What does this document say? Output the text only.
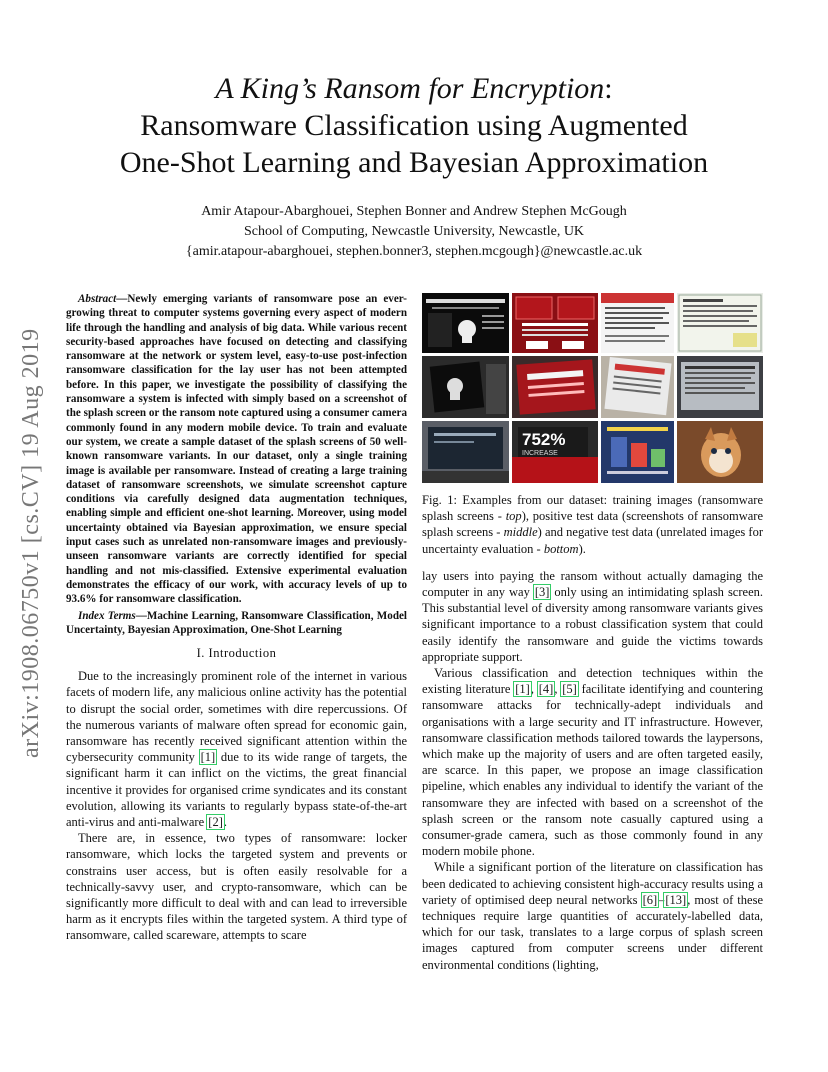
A King’s Ransom for Encryption:
Ransomware Classification using Augmented
One-Shot Learning and Bayesian Approximation
Amir Atapour-Abarghouei, Stephen Bonner and Andrew Stephen McGough
School of Computing, Newcastle University, Newcastle, UK
{amir.atapour-abarghouei, stephen.bonner3, stephen.mcgough}@newcastle.ac.uk
arXiv:1908.06750v1 [cs.CV] 19 Aug 2019

Abstract—Newly emerging variants of ransomware pose an ever-growing threat to computer systems governing every aspect of modern life through the handling and analysis of big data. While various recent security-based approaches have focused on detecting and classifying ransomware at the network or system level, easy-to-use post-infection ransomware classification for the lay user has not been attempted before. In this paper, we investigate the possibility of classifying the ransomware a system is infected with simply based on a screenshot of the splash screen or the ransom note captured using a consumer camera commonly found in any modern mobile device. To train and evaluate our system, we create a sample dataset of the splash screens of 50 well-known ransomware variants. In our dataset, only a single training image is available per ransomware. Instead of creating a large training dataset of ransomware screenshots, we simulate screenshot capture conditions via carefully designed data augmentation techniques, enabling simple and efficient one-shot learning. Moreover, using model uncertainty obtained via Bayesian approximation, we ensure special input cases such as unrelated non-ransomware images and previously-unseen ransomware variants are correctly identified for special handling and not mis-classified. Extensive experimental evaluation demonstrates the efficacy of our work, with accuracy levels of up to 93.6% for ransomware classification.

Index Terms—Machine Learning, Ransomware Classification, Model Uncertainty, Bayesian Approximation, One-Shot Learning

I. Introduction

Due to the increasingly prominent role of the internet in various facets of modern life, any malicious online activity has the potential to disrupt the social order, sometimes with dire repercussions. Of the numerous variants of malware often spread for economic gain, ransomware has recently received significant attention within the cybersecurity community [1] due to its wide range of targets, the significant harm it can inflict on the victims, the great financial incentive it provides for organised crime syndicates and its constant evolution, allowing its variants to regularly bypass state-of-the-art anti-virus and anti-malware [2].

There are, in essence, two types of ransomware: locker ransomware, which locks the targeted system and prevents or constrains user access, but is often easily resolvable for a technically-savvy user, and crypto-ransomware, which can be significantly more difficult to deal with and can lead to irreversible harm as it encrypts files within the targeted system. A third type of ransomware, called scareware, attempts to scare

752%
INCREASE

Fig. 1: Examples from our dataset: training images (ransomware splash screens - top), positive test data (screenshots of ransomware splash screens - middle) and negative test data (unrelated images for uncertainty evaluation - bottom).

lay users into paying the ransom without actually damaging the computer in any way [3] only using an intimidating splash screen. This substantial level of diversity among ransomware variants gives significant importance to a robust classification system that could easily identify the ransomware and guide the victims towards appropriate support.

Various classification and detection techniques within the existing literature [1], [4], [5] facilitate identifying and countering ransomware attacks for technically-adept individuals and organisations with a large security and IT infrastructure. However, ransomware classification methods tailored towards the laypersons, which make up the majority of users and are often targeted easily, are scarce. In this paper, we propose an image classification pipeline, which enables any individual to identify the variant of the ransomware they are infected with based on a screenshot of the splash screen or the ransom note casually captured using a consumer-grade camera, such as those commonly found in any modern mobile phone.

While a significant portion of the literature on classification has been dedicated to achieving consistent high-accuracy results using a variety of optimised deep neural networks [6]–[13], most of these techniques require large quantities of accurately-labelled data, which for our task, translates to a large corpus of splash screen images captured from computer screens under different environmental conditions (lighting,
